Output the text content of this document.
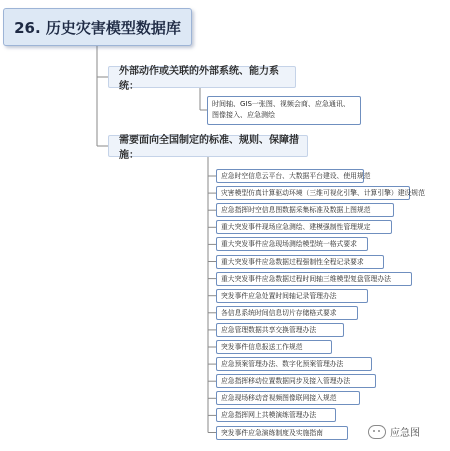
26. 历史灾害模型数据库
外部动作或关联的外部系统、能力系统：
时间轴、GIS一张图、视频会商、应急通讯、
图像接入、应急测绘
需要面向全国制定的标准、规则、保障措施：
应急时空信息云平台、大数据平台建设、使用规范
灾害模型仿真计算驱动环境（三维可视化引擎、计算引擎）建设规范
应急指挥时空信息图数据采集标准及数据上图规范
重大突发事件现场应急测绘、建模强制性管理规定
重大突发事件应急现场测绘模型统一格式要求
重大突发事件应急数据过程强制性全程记录要求
重大突发事件应急数据过程时间轴三维模型复盘管理办法
突发事件应急处置时间轴记录管理办法
各信息系统时间信息切片存储格式要求
应急管理数据共享交换管理办法
突发事件信息报送工作规范
应急预案管理办法、数字化预案管理办法
应急指挥移动位置数据同步及接入管理办法
应急现场移动音视频图像联网接入规范
应急指挥网上共模演练管理办法
突发事件应急演练制度及实施指南	应急图
